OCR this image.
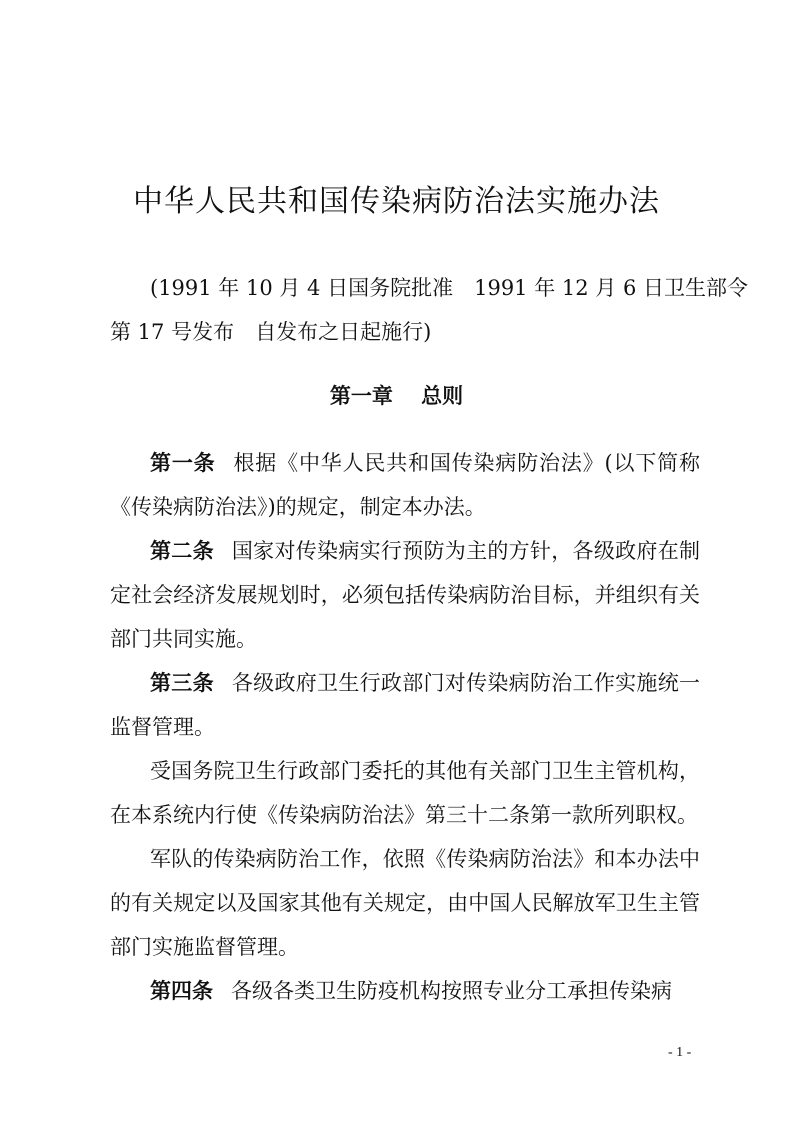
中华人民共和国传染病防治法实施办法
(1991 年 10 月 4 日国务院批准　1991 年 12 月 6 日卫生部令
第 17 号发布　自发布之日起施行)
第一章　 总则

第一条 根据《中华人民共和国传染病防治法》(以下简称《传染病防治法》)的规定，制定本办法。

第二条 国家对传染病实行预防为主的方针，各级政府在制定社会经济发展规划时，必须包括传染病防治目标，并组织有关部门共同实施。

第三条 各级政府卫生行政部门对传染病防治工作实施统一监督管理。

受国务院卫生行政部门委托的其他有关部门卫生主管机构，在本系统内行使《传染病防治法》第三十二条第一款所列职权。

军队的传染病防治工作，依照《传染病防治法》和本办法中的有关规定以及国家其他有关规定，由中国人民解放军卫生主管部门实施监督管理。

第四条 各级各类卫生防疫机构按照专业分工承担传染病

- 1 -
